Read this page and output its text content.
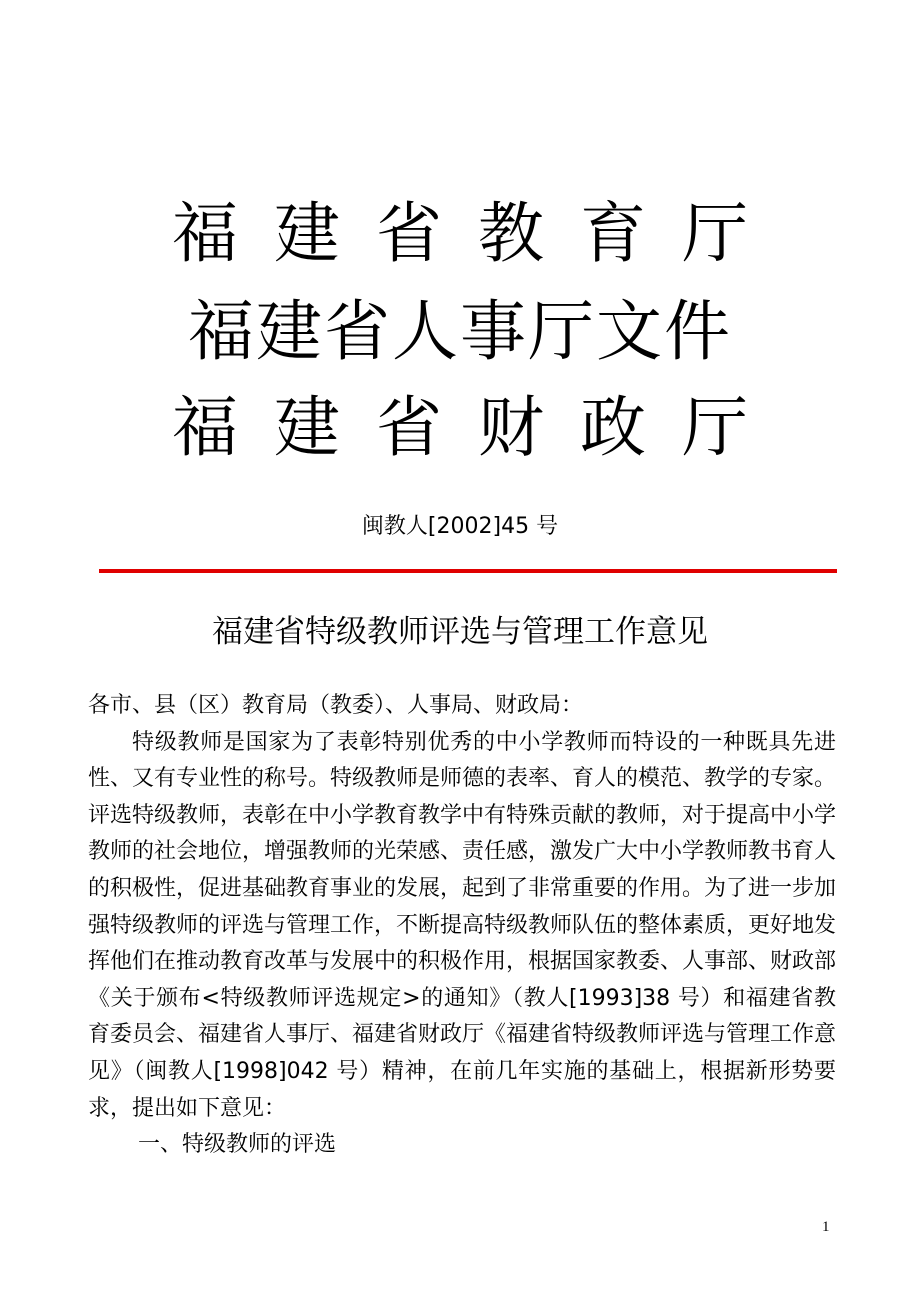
福建省教育厅
福建省人事厅文件
福建省财政厅
闽教人[2002]45 号
福建省特级教师评选与管理工作意见

各市、县（区）教育局（教委）、人事局、财政局：

特级教师是国家为了表彰特别优秀的中小学教师而特设的一种既具先进性、又有专业性的称号。特级教师是师德的表率、育人的模范、教学的专家。评选特级教师，表彰在中小学教育教学中有特殊贡献的教师，对于提高中小学教师的社会地位，增强教师的光荣感、责任感，激发广大中小学教师教书育人的积极性，促进基础教育事业的发展，起到了非常重要的作用。为了进一步加强特级教师的评选与管理工作，不断提高特级教师队伍的整体素质，更好地发挥他们在推动教育改革与发展中的积极作用，根据国家教委、人事部、财政部《关于颁布<特级教师评选规定>的通知》（教人[1993]38 号）和福建省教育委员会、福建省人事厅、福建省财政厅《福建省特级教师评选与管理工作意见》（闽教人[1998]042 号）精神，在前几年实施的基础上，根据新形势要求，提出如下意见：

一、特级教师的评选

1
